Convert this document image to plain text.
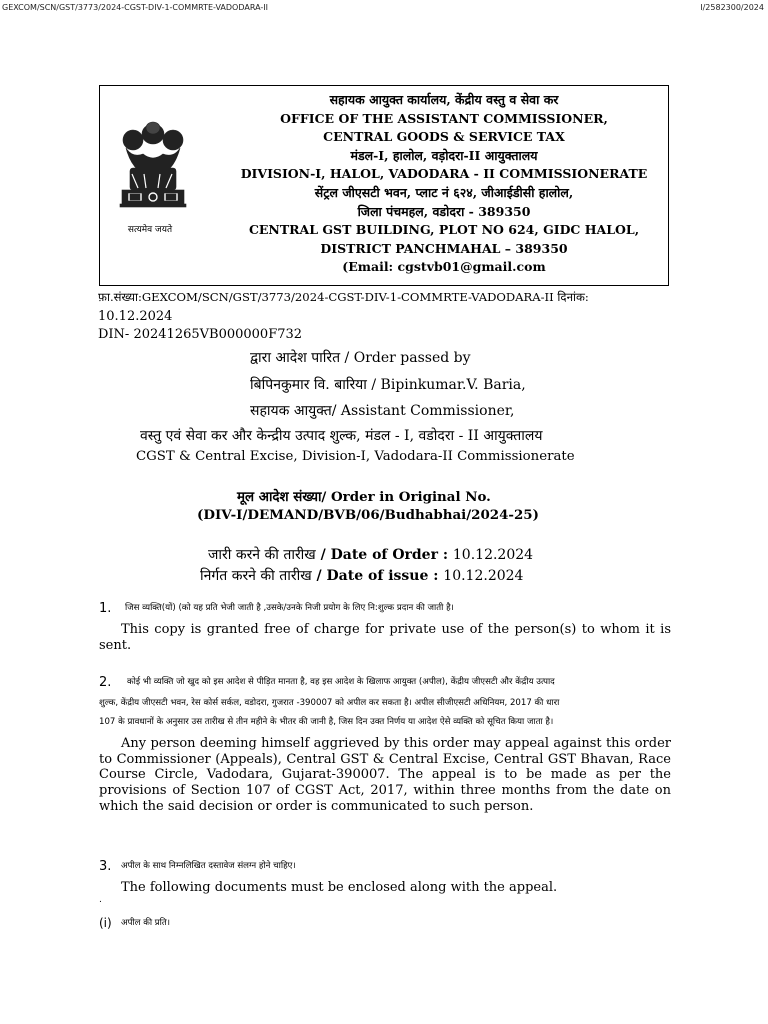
GEXCOM/SCN/GST/3773/2024-CGST-DIV-1-COMMRTE-VADODARA-II	I/2582300/2024
सत्यमेव जयते
सहायक आयुक्त कार्यालय, केंद्रीय वस्तु व सेवा कर
OFFICE OF THE ASSISTANT COMMISSIONER,
CENTRAL GOODS & SERVICE TAX
मंडल-I, हालोल, वड़ोदरा-II आयुक्तालय
DIVISION-I, HALOL, VADODARA - II COMMISSIONERATE
सेंट्रल जीएसटी भवन, प्लाट नं ६२४, जीआईडीसी हालोल,
जिला पंचमहल, वडोदरा - 389350
CENTRAL GST BUILDING, PLOT NO 624, GIDC HALOL,
DISTRICT PANCHMAHAL – 389350
(Email: cgstvb01@gmail.com
फ़ा.संख्या:GEXCOM/SCN/GST/3773/2024-CGST-DIV-1-COMMRTE-VADODARA-II दिनांक:
10.12.2024
DIN- 20241265VB000000F732
द्वारा आदेश पारित / Order passed by
बिपिनकुमार वि. बारिया / Bipinkumar.V. Baria,
सहायक आयुक्त/ Assistant Commissioner,
वस्तु एवं सेवा कर और केन्द्रीय उत्पाद शुल्क, मंडल - I, वडोदरा - II आयुक्तालय
CGST & Central Excise, Division-I, Vadodara-II Commissionerate
मूल आदेश संख्या/ Order in Original No.
(DIV-I/DEMAND/BVB/06/Budhabhai/2024-25)
जारी करने की तारीख / Date of Order : 10.12.2024
निर्गत करने की तारीख / Date of issue : 10.12.2024
1. जिस व्यक्ति(यों) (को यह प्रति भेजी जाती है ,उसके/उनके निजी प्रयोग के लिए नि:शुल्क प्रदान की जाती है।
This copy is granted free of charge for private use of the person(s) to whom it is sent.
2. कोई भी व्यक्ति जो खुद को इस आदेश से पीड़ित मानता है, वह इस आदेश के खिलाफ आयुक्त (अपील), केंद्रीय जीएसटी और केंद्रीय उत्पाद
शुल्क, केंद्रीय जीएसटी भवन, रेस कोर्स सर्कल, वडोदरा, गुजरात -390007 को अपील कर सकता है। अपील सीजीएसटी अधिनियम, 2017 की धारा
107 के प्रावधानों के अनुसार उस तारीख से तीन महीने के भीतर की जानी है, जिस दिन उक्त निर्णय या आदेश ऐसे व्यक्ति को सूचित किया जाता है।
Any person deeming himself aggrieved by this order may appeal against this order to Commissioner (Appeals), Central GST & Central Excise, Central GST Bhavan, Race Course Circle, Vadodara, Gujarat-390007. The appeal is to be made as per the provisions of Section 107 of CGST Act, 2017, within three months from the date on which the said decision or order is communicated to such person.
3. अपील के साथ निम्नलिखित दस्तावेज संलग्न होने चाहिए।
The following documents must be enclosed along with the appeal.
.
(i) अपील की प्रति।
